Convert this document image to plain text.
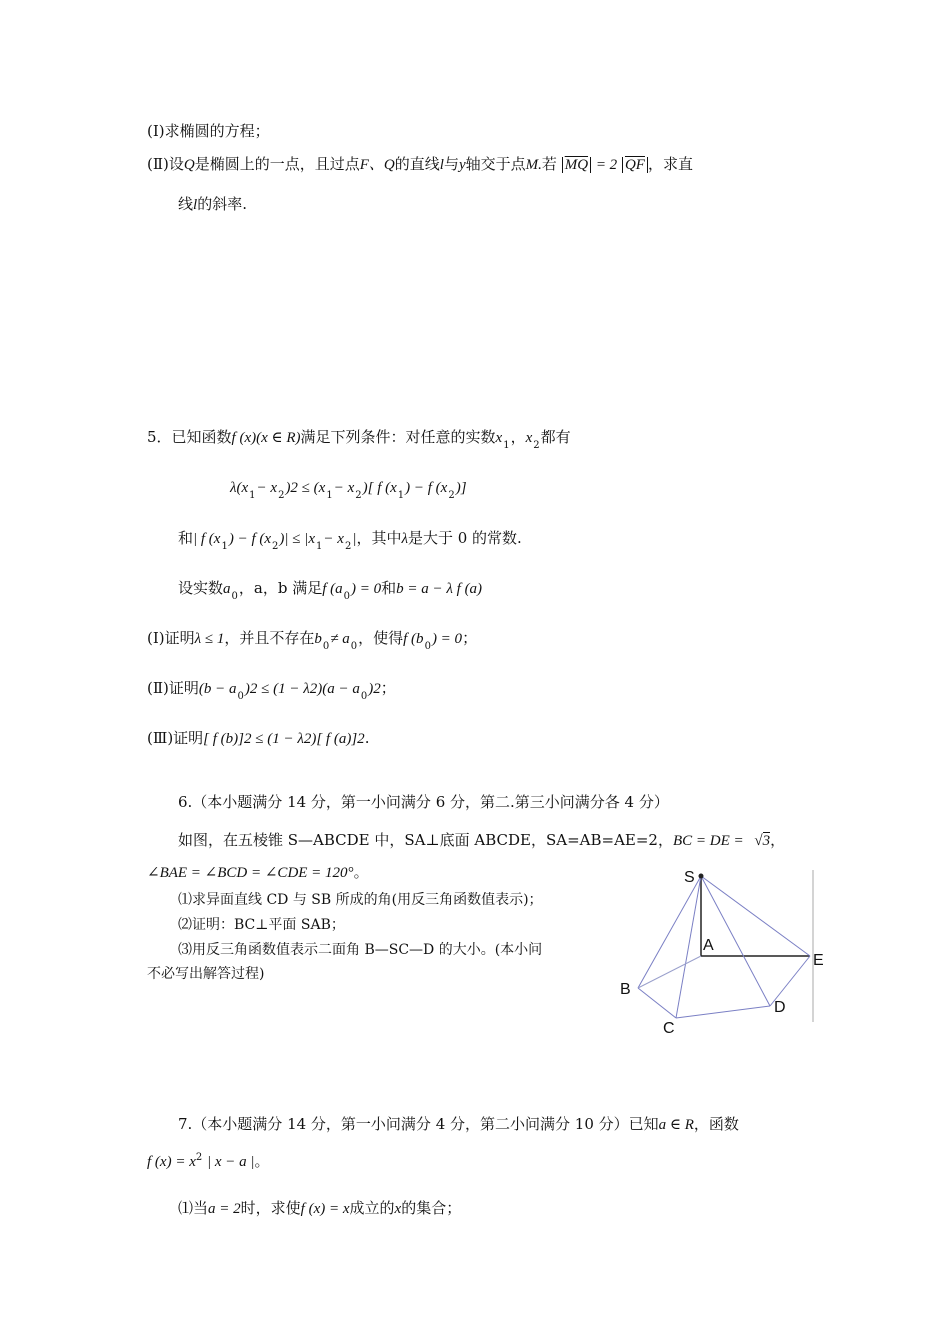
(Ⅰ)求椭圆的方程；
(Ⅱ)设Q是椭圆上的一点，且过点F、Q的直线l与y轴交于点M.若 $\overline{MQ} = 2$ $\overline{QF}$ ，求直
线l的斜率.
5．已知函数f (x)(x ∈ R)满足下列条件：对任意的实数$x_1$，$x_2$都有
$\lambda(x_1- x_2)2 \le (x_1- x_2)$[ f $(x_1) - f$ $(x_2)$]
和| f $(x_1) - f$ $(x_2)| \le |x_1- x_2|$，其中λ是大于 0 的常数.
设实数$a_0$，a，b 满足f $(a_0) = 0$和b = a − λ f (a)
(Ⅰ)证明λ ≤ 1，并且不存在$b_0\ne a_0$，使得f $(b_0) = 0$；
(Ⅱ)证明$(b - a_0)2 \le (1 - \lambda 2)(a - a_0)2$；
(Ⅲ)证明[ f (b)]2 ≤ (1 − λ2)[ f (a)]2.
6.（本小题满分 14 分，第一小问满分 6 分，第二.第三小问满分各 4 分）
如图，在五棱锥 S—ABCDE 中，SA⊥底面 ABCDE，SA=AB=AE=2，BC = DE = √3，
∠BAE = ∠BCD = ∠CDE = 120°。
⑴求异面直线 CD 与 SB 所成的角(用反三角函数值表示)；
⑵证明：BC⊥平面 SAB；
⑶用反三角函数值表示二面角 B—SC—D 的大小。(本小问
不必写出解答过程)
S
A
B
C
D
E
7.（本小题满分 14 分，第一小问满分 4 分，第二小问满分 10 分）已知a ∈ R，函数
f $(x) = x^2$ | x − a |。
⑴当a = 2时，求使f (x) = x成立的x的集合；
